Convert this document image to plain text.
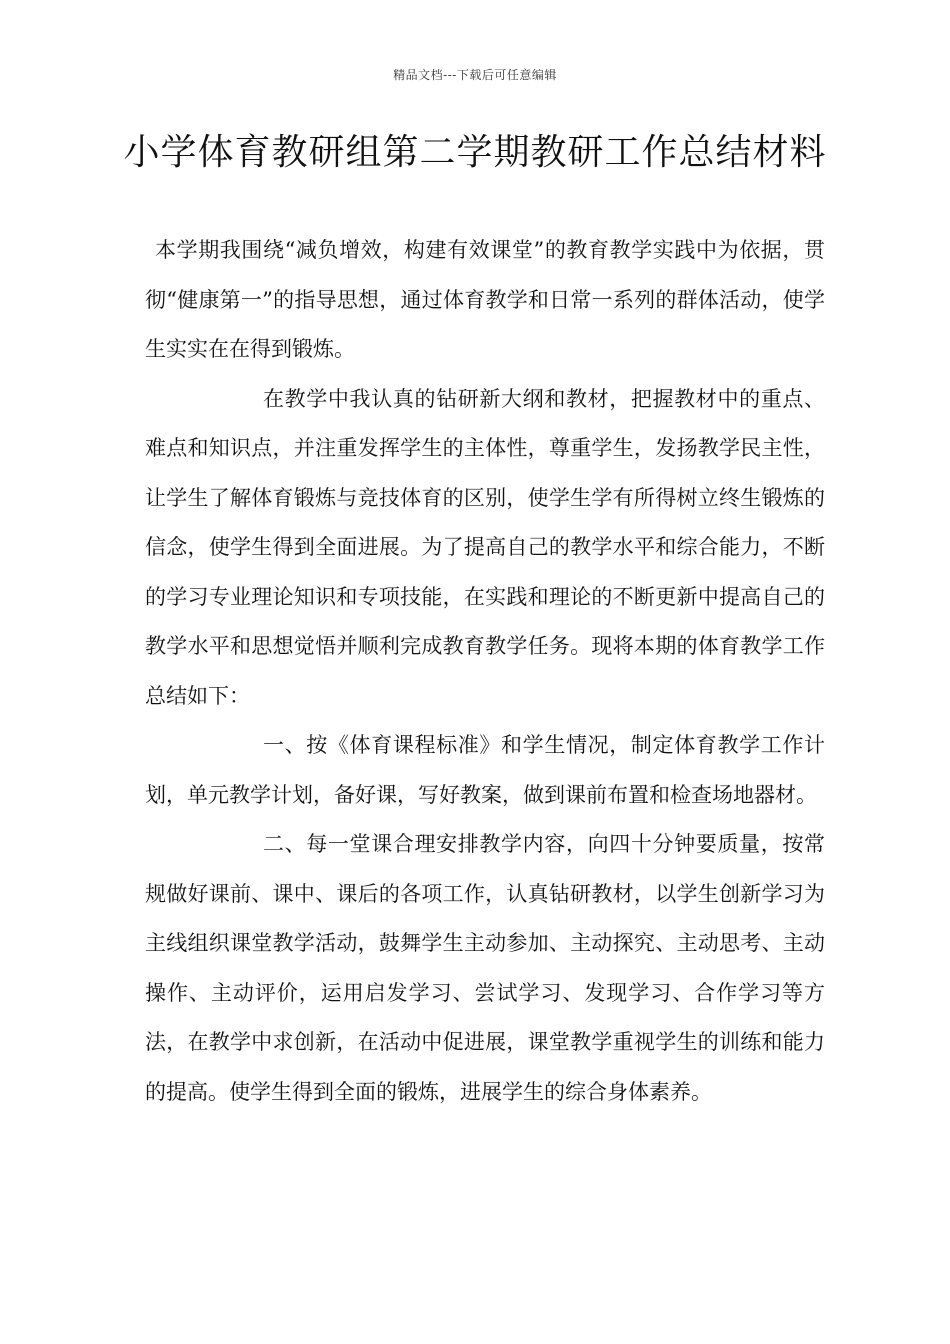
精品文档---下载后可任意编辑
小学体育教研组第二学期教研工作总结材料

本学期我围绕“减负增效，构建有效课堂”的教育教学实践中为依据，贯彻“健康第一”的指导思想，通过体育教学和日常一系列的群体活动，使学生实实在在得到锻炼。

在教学中我认真的钻研新大纲和教材，把握教材中的重点、难点和知识点，并注重发挥学生的主体性，尊重学生，发扬教学民主性，让学生了解体育锻炼与竞技体育的区别，使学生学有所得树立终生锻炼的信念，使学生得到全面进展。为了提高自己的教学水平和综合能力，不断的学习专业理论知识和专项技能，在实践和理论的不断更新中提高自己的教学水平和思想觉悟并顺利完成教育教学任务。现将本期的体育教学工作总结如下：

一、按《体育课程标准》和学生情况，制定体育教学工作计划，单元教学计划，备好课，写好教案，做到课前布置和检查场地器材。

二、每一堂课合理安排教学内容，向四十分钟要质量，按常规做好课前、课中、课后的各项工作，认真钻研教材，以学生创新学习为主线组织课堂教学活动，鼓舞学生主动参加、主动探究、主动思考、主动操作、主动评价，运用启发学习、尝试学习、发现学习、合作学习等方法，在教学中求创新，在活动中促进展，课堂教学重视学生的训练和能力的提高。使学生得到全面的锻炼，进展学生的综合身体素养。
